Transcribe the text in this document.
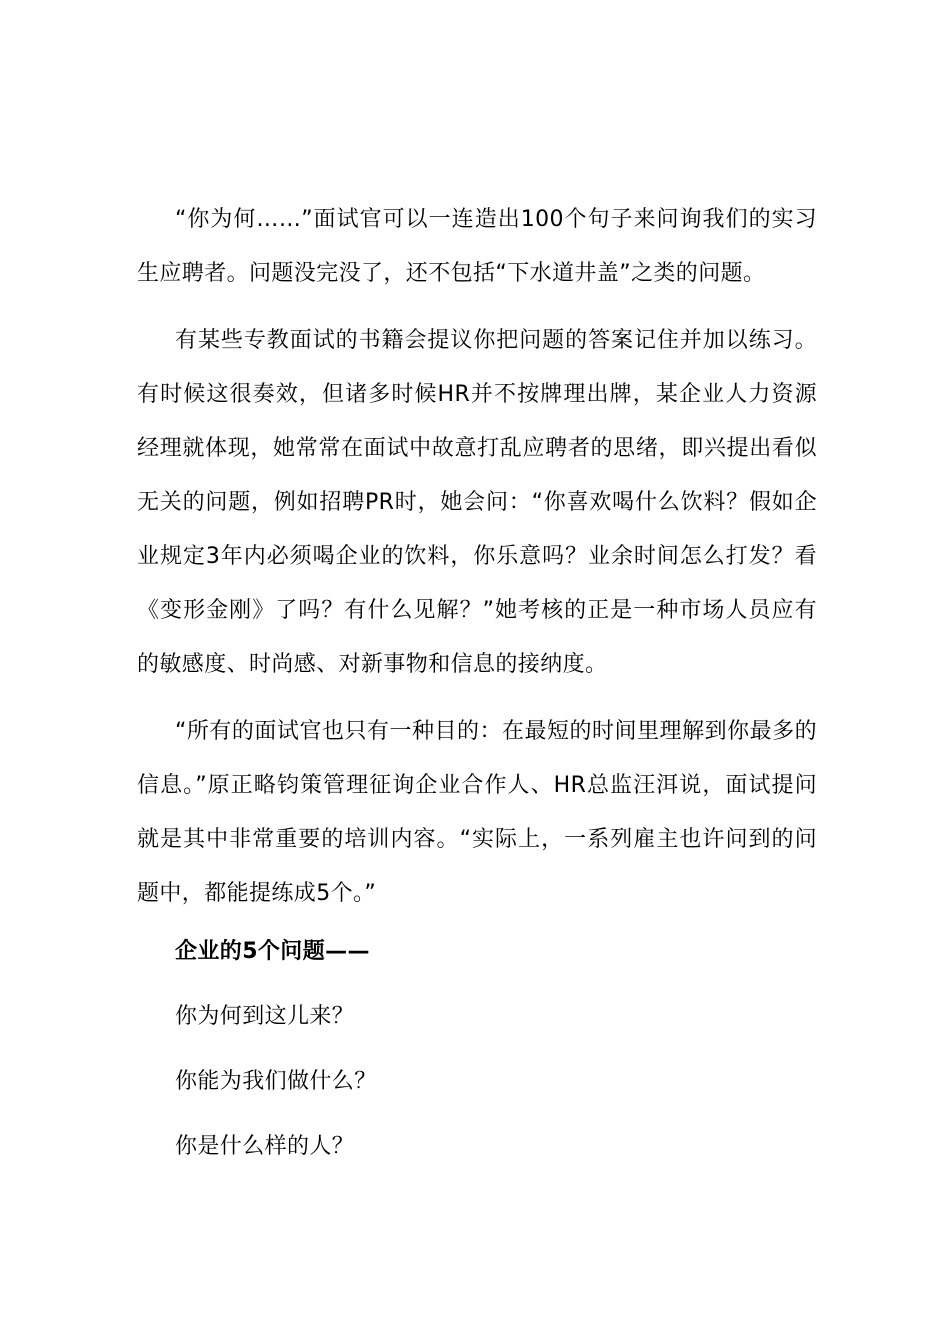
“你为何……”面试官可以一连造出100个句子来问询我们的实习生应聘者。问题没完没了，还不包括“下水道井盖”之类的问题。

有某些专教面试的书籍会提议你把问题的答案记住并加以练习。有时候这很奏效，但诸多时候HR并不按牌理出牌，某企业人力资源经理就体现，她常常在面试中故意打乱应聘者的思绪，即兴提出看似无关的问题，例如招聘PR时，她会问：“你喜欢喝什么饮料？假如企业规定3年内必须喝企业的饮料，你乐意吗？业余时间怎么打发？看《变形金刚》了吗？有什么见解？”她考核的正是一种市场人员应有的敏感度、时尚感、对新事物和信息的接纳度。

“所有的面试官也只有一种目的：在最短的时间里理解到你最多的信息。”原正略钧策管理征询企业合作人、HR总监汪洱说，面试提问就是其中非常重要的培训内容。“实际上，一系列雇主也许问到的问题中，都能提练成5个。”

企业的5个问题——

你为何到这儿来？

你能为我们做什么？

你是什么样的人？
